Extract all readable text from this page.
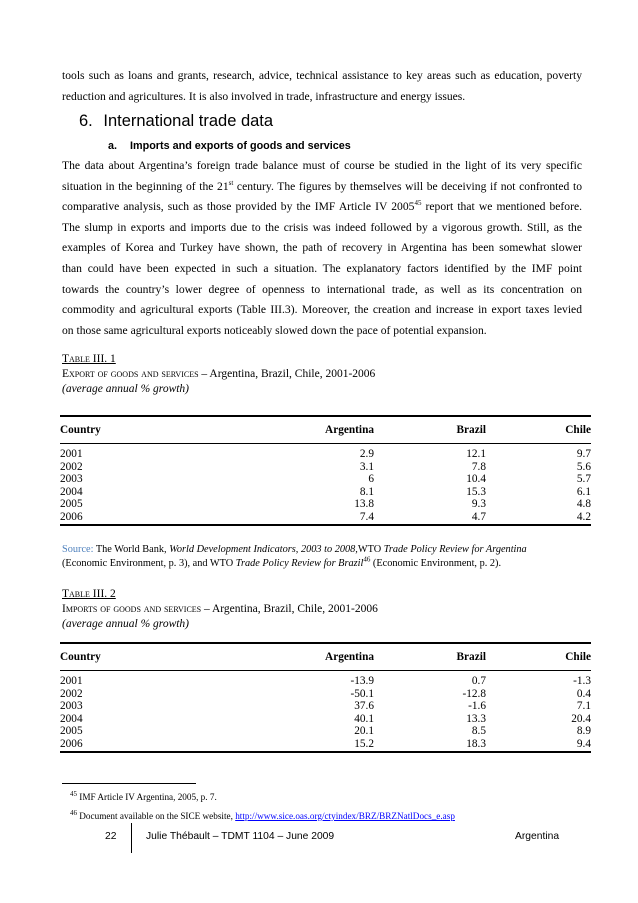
tools such as loans and grants, research, advice, technical assistance to key areas such as education, poverty
reduction and agricultures. It is also involved in trade, infrastructure and energy issues.
6. International trade data
a. Imports and exports of goods and services
The data about Argentina’s foreign trade balance must of course be studied in the light of its very specific
situation in the beginning of the 21st century. The figures by themselves will be deceiving if not confronted to
comparative analysis, such as those provided by the IMF Article IV 2005$^{45}$ report that we mentioned before.
The slump in exports and imports due to the crisis was indeed followed by a vigorous growth. Still, as the
examples of Korea and Turkey have shown, the path of recovery in Argentina has been somewhat slower
than could have been expected in such a situation. The explanatory factors identified by the IMF point
towards the country’s lower degree of openness to international trade, as well as its concentration on
commodity and agricultural exports (Table III.3). Moreover, the creation and increase in export taxes levied
on those same agricultural exports noticeably slowed down the pace of potential expansion.
Table III. 1
Export of goods and services – Argentina, Brazil, Chile, 2001-2006
(average annual % growth)
Country	Argentina	Brazil	Chile

2001	2.9	12.1	9.7
2002	3.1	7.8	5.6
2003	6	10.4	5.7
2004	8.1	15.3	6.1
2005	13.8	9.3	4.8
2006	7.4	4.7	4.2
Source: The World Bank, World Development Indicators, 2003 to 2008,WTO Trade Policy Review for Argentina
(Economic Environment, p. 3), and WTO Trade Policy Review for Brazil$^{46}$ (Economic Environment, p. 2).
Table III. 2
Imports of goods and services – Argentina, Brazil, Chile, 2001-2006
(average annual % growth)
Country	Argentina	Brazil	Chile

2001	-13.9	0.7	-1.3
2002	-50.1	-12.8	0.4
2003	37.6	-1.6	7.1
2004	40.1	13.3	20.4
2005	20.1	8.5	8.9
2006	15.2	18.3	9.4
$^{45}$ IMF Article IV Argentina, 2005, p. 7.
$^{46}$ Document available on the SICE website, http://www.sice.oas.org/ctyindex/BRZ/BRZNatlDocs_e.asp
22	Julie Thébault – TDMT 1104 – June 2009	Argentina
